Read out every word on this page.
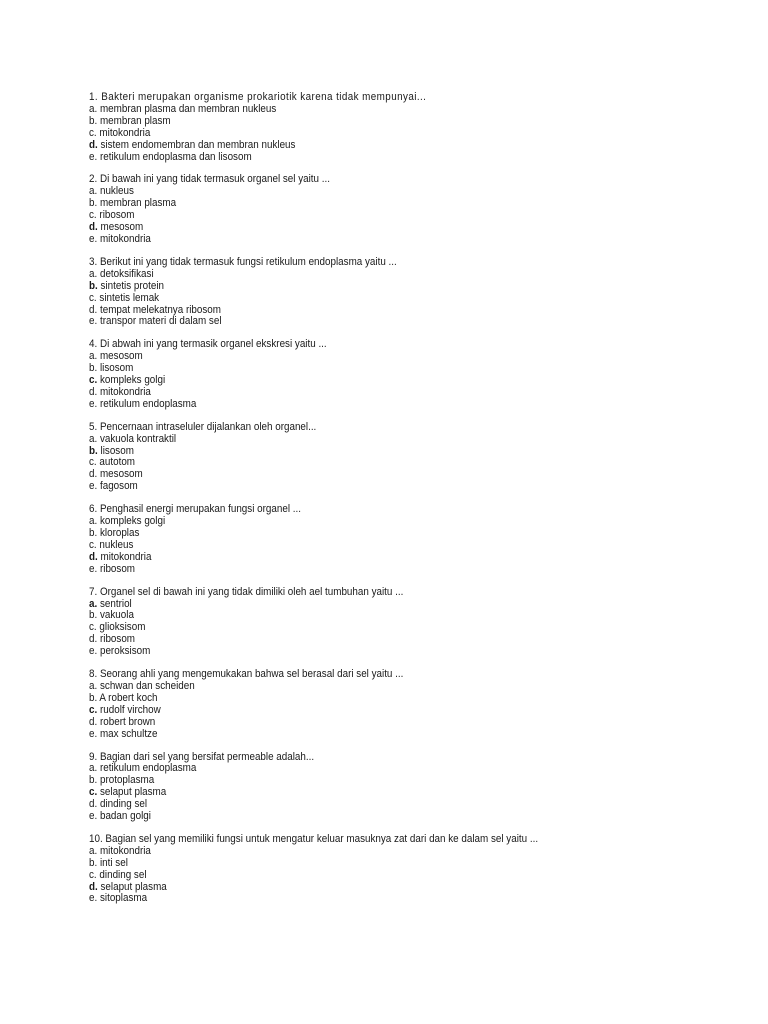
1. Bakteri merupakan organisme prokariotik karena tidak mempunyai...
a. membran plasma dan membran nukleus
b. membran plasm
c. mitokondria
d. sistem endomembran dan membran nukleus
e. retikulum endoplasma dan lisosom
2. Di bawah ini yang tidak termasuk organel sel yaitu ...
a. nukleus
b. membran plasma
c. ribosom
d. mesosom
e. mitokondria
3. Berikut ini yang tidak termasuk fungsi retikulum endoplasma yaitu ...
a. detoksifikasi
b. sintetis protein
c. sintetis lemak
d. tempat melekatnya ribosom
e. transpor materi di dalam sel
4. Di abwah ini yang termasik organel ekskresi yaitu ...
a. mesosom
b. lisosom
c. kompleks golgi
d. mitokondria
e. retikulum endoplasma
5. Pencernaan intraseluler dijalankan oleh organel...
a. vakuola kontraktil
b. lisosom
c. autotom
d. mesosom
e. fagosom
6. Penghasil energi merupakan fungsi organel ...
a. kompleks golgi
b. kloroplas
c. nukleus
d. mitokondria
e. ribosom
7. Organel sel di bawah ini yang tidak dimiliki oleh ael tumbuhan yaitu ...
a. sentriol
b. vakuola
c. glioksisom
d. ribosom
e. peroksisom
8. Seorang ahli yang mengemukakan bahwa sel berasal dari sel yaitu ...
a. schwan dan scheiden
b. A robert koch
c. rudolf virchow
d. robert brown
e. max schultze
9. Bagian dari sel yang bersifat permeable adalah...
a. retikulum endoplasma
b. protoplasma
c. selaput plasma
d. dinding sel
e. badan golgi
10. Bagian sel yang memiliki fungsi untuk mengatur keluar masuknya zat dari dan ke dalam sel yaitu ...
a. mitokondria
b. inti sel
c. dinding sel
d. selaput plasma
e. sitoplasma
